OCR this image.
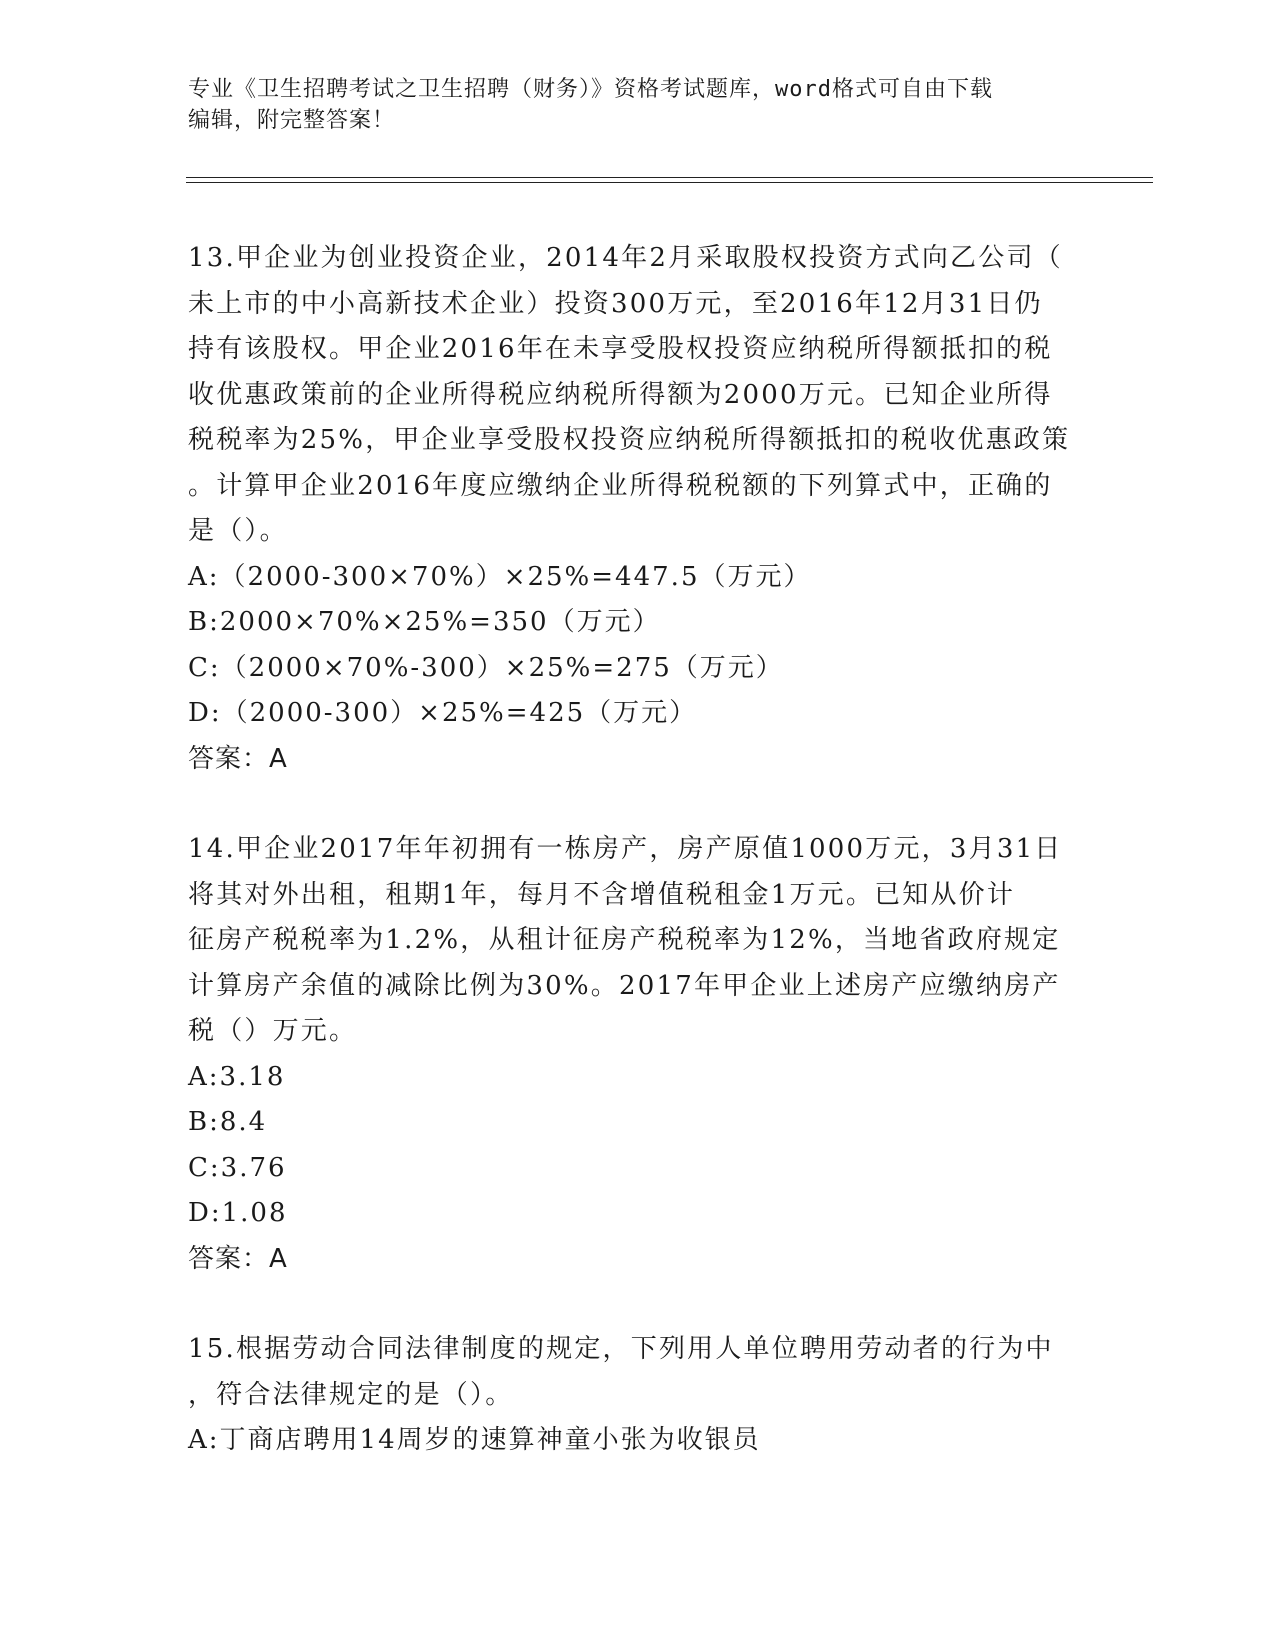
专业《卫生招聘考试之卫生招聘（财务）》资格考试题库，word格式可自由下载
编辑，附完整答案！

13.甲企业为创业投资企业，2014年2月采取股权投资方式向乙公司（

未上市的中小高新技术企业）投资300万元，至2016年12月31日仍

持有该股权。甲企业2016年在未享受股权投资应纳税所得额抵扣的税

收优惠政策前的企业所得税应纳税所得额为2000万元。已知企业所得

税税率为25%，甲企业享受股权投资应纳税所得额抵扣的税收优惠政策

。计算甲企业2016年度应缴纳企业所得税税额的下列算式中，正确的

是（）。

A:（2000-300×70%）×25%=447.5（万元）

B:2000×70%×25%=350（万元）

C:（2000×70%-300）×25%=275（万元）

D:（2000-300）×25%=425（万元）

答案：A

14.甲企业2017年年初拥有一栋房产，房产原值1000万元，3月31日

将其对外出租，租期1年，每月不含增值税租金1万元。已知从价计

征房产税税率为1.2%，从租计征房产税税率为12%，当地省政府规定

计算房产余值的减除比例为30%。2017年甲企业上述房产应缴纳房产

税（）万元。

A:3.18

B:8.4

C:3.76

D:1.08

答案：A

15.根据劳动合同法律制度的规定，下列用人单位聘用劳动者的行为中

，符合法律规定的是（）。

A:丁商店聘用14周岁的速算神童小张为收银员
